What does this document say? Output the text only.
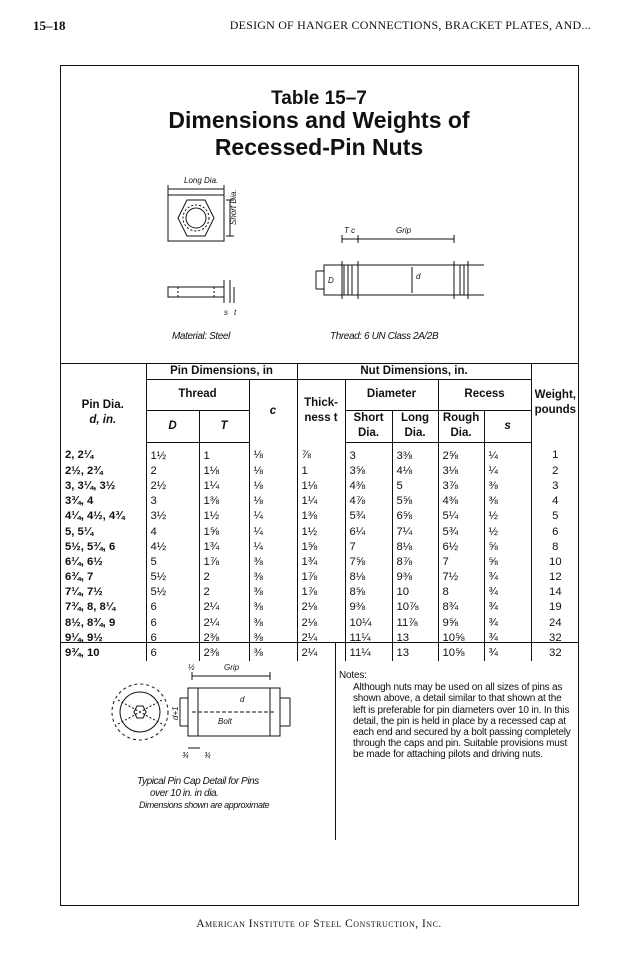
15–18	DESIGN OF HANGER CONNECTIONS, BRACKET PLATES, AND...
Table 15–7
Dimensions and Weights of
Recessed-Pin Nuts
Long Dia.
Short Dia.
T c	Grip
d
D
s t
Material: Steel	Thread: 6 UN Class 2A/2B
Pin Dia.
d, in.	Pin Dimensions, in			Nut Dimensions, in.					Weight, pounds
	Thread		c	Thick-
ness t	Diameter		Recess		
	D	T			Short Dia.	Long Dia.	Rough Dia.	s	
2, 2¼	1½	1	⅛	⅞	3	3⅜	2⅝	¼	1
2½, 2¾	2	1⅛	⅛	1	3⅝	4⅛	3⅛	¼	2
3, 3¼, 3½	2½	1¼	⅛	1⅛	4⅜	5	3⅞	⅜	3
3¾, 4	3	1⅜	⅛	1¼	4⅞	5⅝	4⅜	⅜	4
4¼, 4½, 4¾	3½	1½	¼	1⅜	5¾	6⅝	5¼	½	5
5, 5¼	4	1⅝	¼	1½	6¼	7¼	5¾	½	6
5½, 5¾, 6	4½	1¾	¼	1⅝	7	8⅛	6½	⅝	8
6¼, 6½	5	1⅞	⅜	1¾	7⅝	8⅞	7	⅝	10
6¾, 7	5½	2	⅜	1⅞	8⅛	9⅜	7½	¾	12
7¼, 7½	5½	2	⅜	1⅞	8⅝	10	8	¾	14
7¾, 8, 8¼	6	2¼	⅜	2⅛	9⅜	10⅞	8¾	¾	19
8½, 8¾, 9	6	2¼	⅜	2⅛	10¼	11⅞	9⅝	¾	24
9¼, 9½	6	2⅜	⅜	2¼	11¼	13	10⅝	¾	32
9¾, 10	6	2⅜	⅜	2¼	11¼	13	10⅝	¾	32
½	Grip
d
d+1
Bolt
¾ ¾
Typical Pin Cap Detail for Pins
over 10 in. in dia.
Dimensions shown are approximate
Notes:
Although nuts may be used on all sizes of pins as shown above, a detail similar to that shown at the left is preferable for pin diameters over 10 in. In this detail, the pin is held in place by a recessed cap at each end and secured by a bolt passing completely through the caps and pin. Suitable provisions must be made for attaching pilots and driving nuts.
American Institute of Steel Construction, Inc.
